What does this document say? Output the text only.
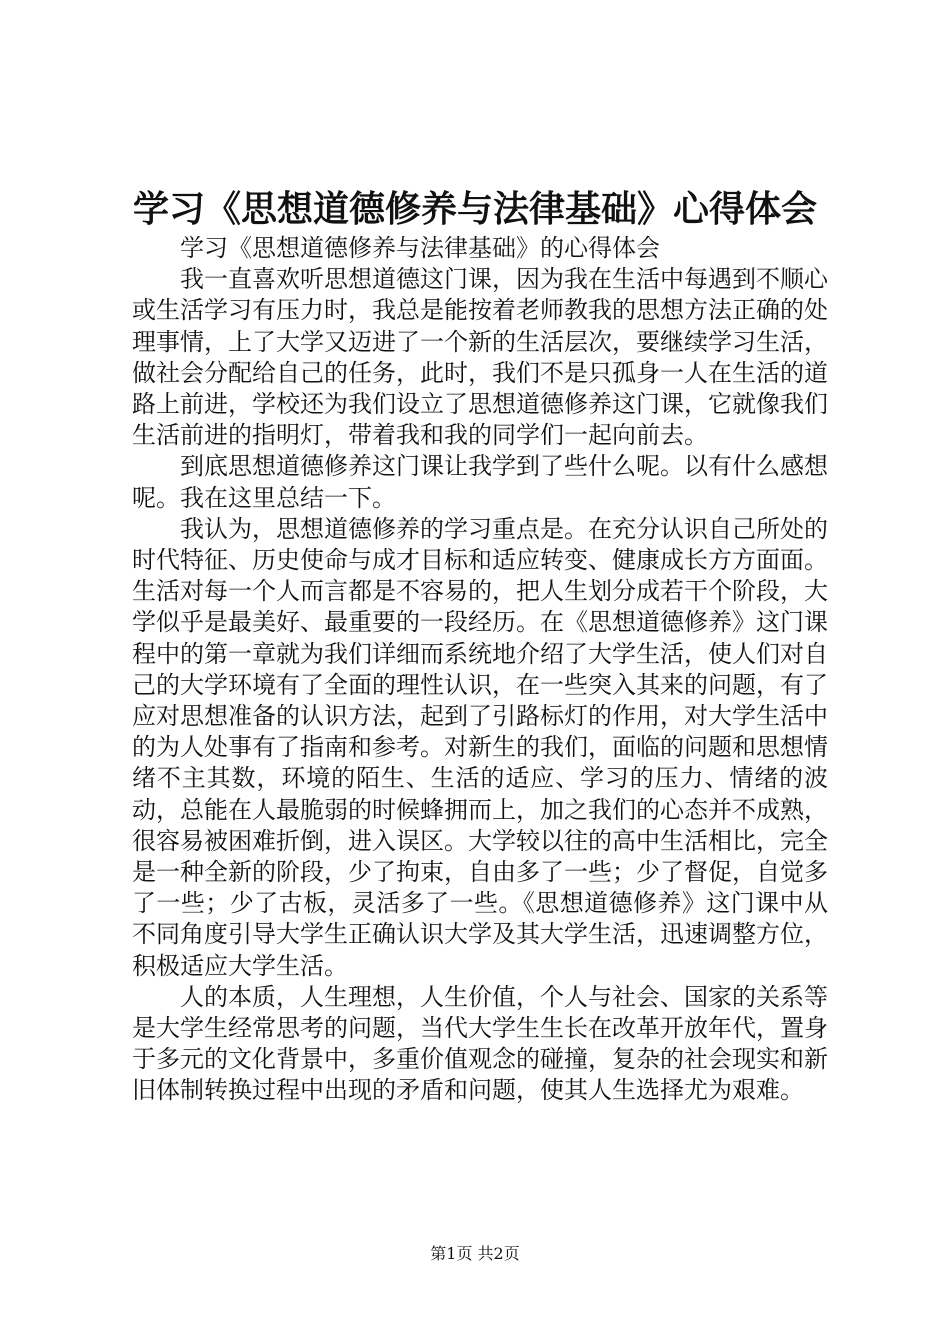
学习《思想道德修养与法律基础》心得体会

学习《思想道德修养与法律基础》的心得体会

我一直喜欢听思想道德这门课，因为我在生活中每遇到不顺心或生活学习有压力时，我总是能按着老师教我的思想方法正确的处理事情，上了大学又迈进了一个新的生活层次，要继续学习生活，做社会分配给自己的任务，此时，我们不是只孤身一人在生活的道路上前进，学校还为我们设立了思想道德修养这门课，它就像我们生活前进的指明灯，带着我和我的同学们一起向前去。

到底思想道德修养这门课让我学到了些什么呢。以有什么感想呢。我在这里总结一下。

我认为，思想道德修养的学习重点是。在充分认识自己所处的时代特征、历史使命与成才目标和适应转变、健康成长方方面面。生活对每一个人而言都是不容易的，把人生划分成若干个阶段，大学似乎是最美好、最重要的一段经历。在《思想道德修养》这门课程中的第一章就为我们详细而系统地介绍了大学生活，使人们对自己的大学环境有了全面的理性认识，在一些突入其来的问题，有了应对思想准备的认识方法，起到了引路标灯的作用，对大学生活中的为人处事有了指南和参考。对新生的我们，面临的问题和思想情绪不主其数，环境的陌生、生活的适应、学习的压力、情绪的波动，总能在人最脆弱的时候蜂拥而上，加之我们的心态并不成熟，很容易被困难折倒，进入误区。大学较以往的高中生活相比，完全是一种全新的阶段，少了拘束，自由多了一些；少了督促，自觉多了一些；少了古板，灵活多了一些。《思想道德修养》这门课中从不同角度引导大学生正确认识大学及其大学生活，迅速调整方位，积极适应大学生活。

人的本质，人生理想，人生价值，个人与社会、国家的关系等是大学生经常思考的问题，当代大学生生长在改革开放年代，置身于多元的文化背景中，多重价值观念的碰撞，复杂的社会现实和新旧体制转换过程中出现的矛盾和问题，使其人生选择尤为艰难。

第1页 共2页
